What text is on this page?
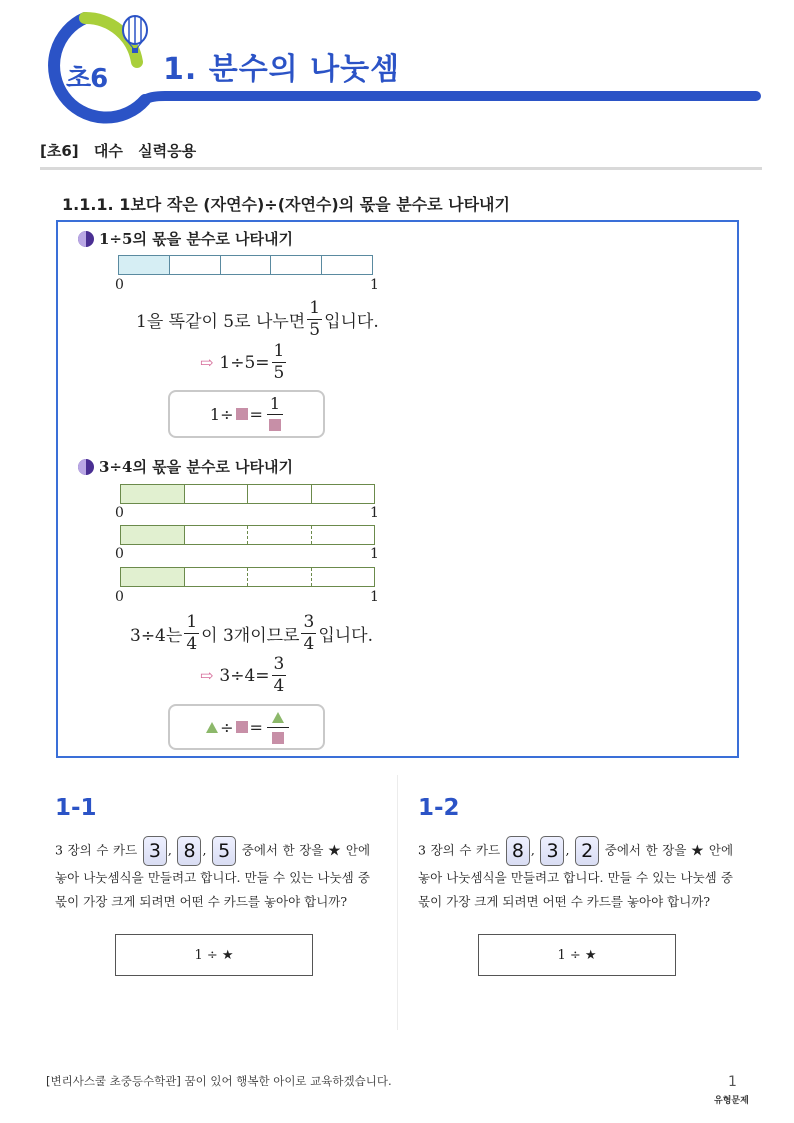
초6 1. 분수의 나눗셈
[초6] 대수 실력응용
1.1.1. 1보다 작은 (자연수)÷(자연수)의 몫을 분수로 나타내기
1÷5의 몫을 분수로 나타내기
0	1
1을 똑같이 5로 나누면 $\frac{1}{5}$ 입니다.
⇨ $1\div 5= \frac{1}{5}$
1÷ =
1
3÷4의 몫을 분수로 나타내기
0	1
0	1
0	1
3÷4는 $\frac{1}{4}$ 이 3개이므로 $\frac{3}{4}$ 입니다.
⇨ $3\div 4= \frac{3}{4}$
÷ =
1-1
3 장의 수 카드 3 , 8 , 5 중에서 한 장을 ★ 안에 놓아 나눗셈식을 만들려고 합니다. 만들 수 있는 나눗셈 중 몫이 가장 크게 되려면 어떤 수 카드를 놓아야 합니까?
1 ÷ ★
1-2
3 장의 수 카드 8 , 3 , 2 중에서 한 장을 ★ 안에 놓아 나눗셈식을 만들려고 합니다. 만들 수 있는 나눗셈 중 몫이 가장 크게 되려면 어떤 수 카드를 놓아야 합니까?
1 ÷ ★
[변리사스쿨 초중등수학관] 꿈이 있어 행복한 아이로 교육하겠습니다.	1
유형문제
